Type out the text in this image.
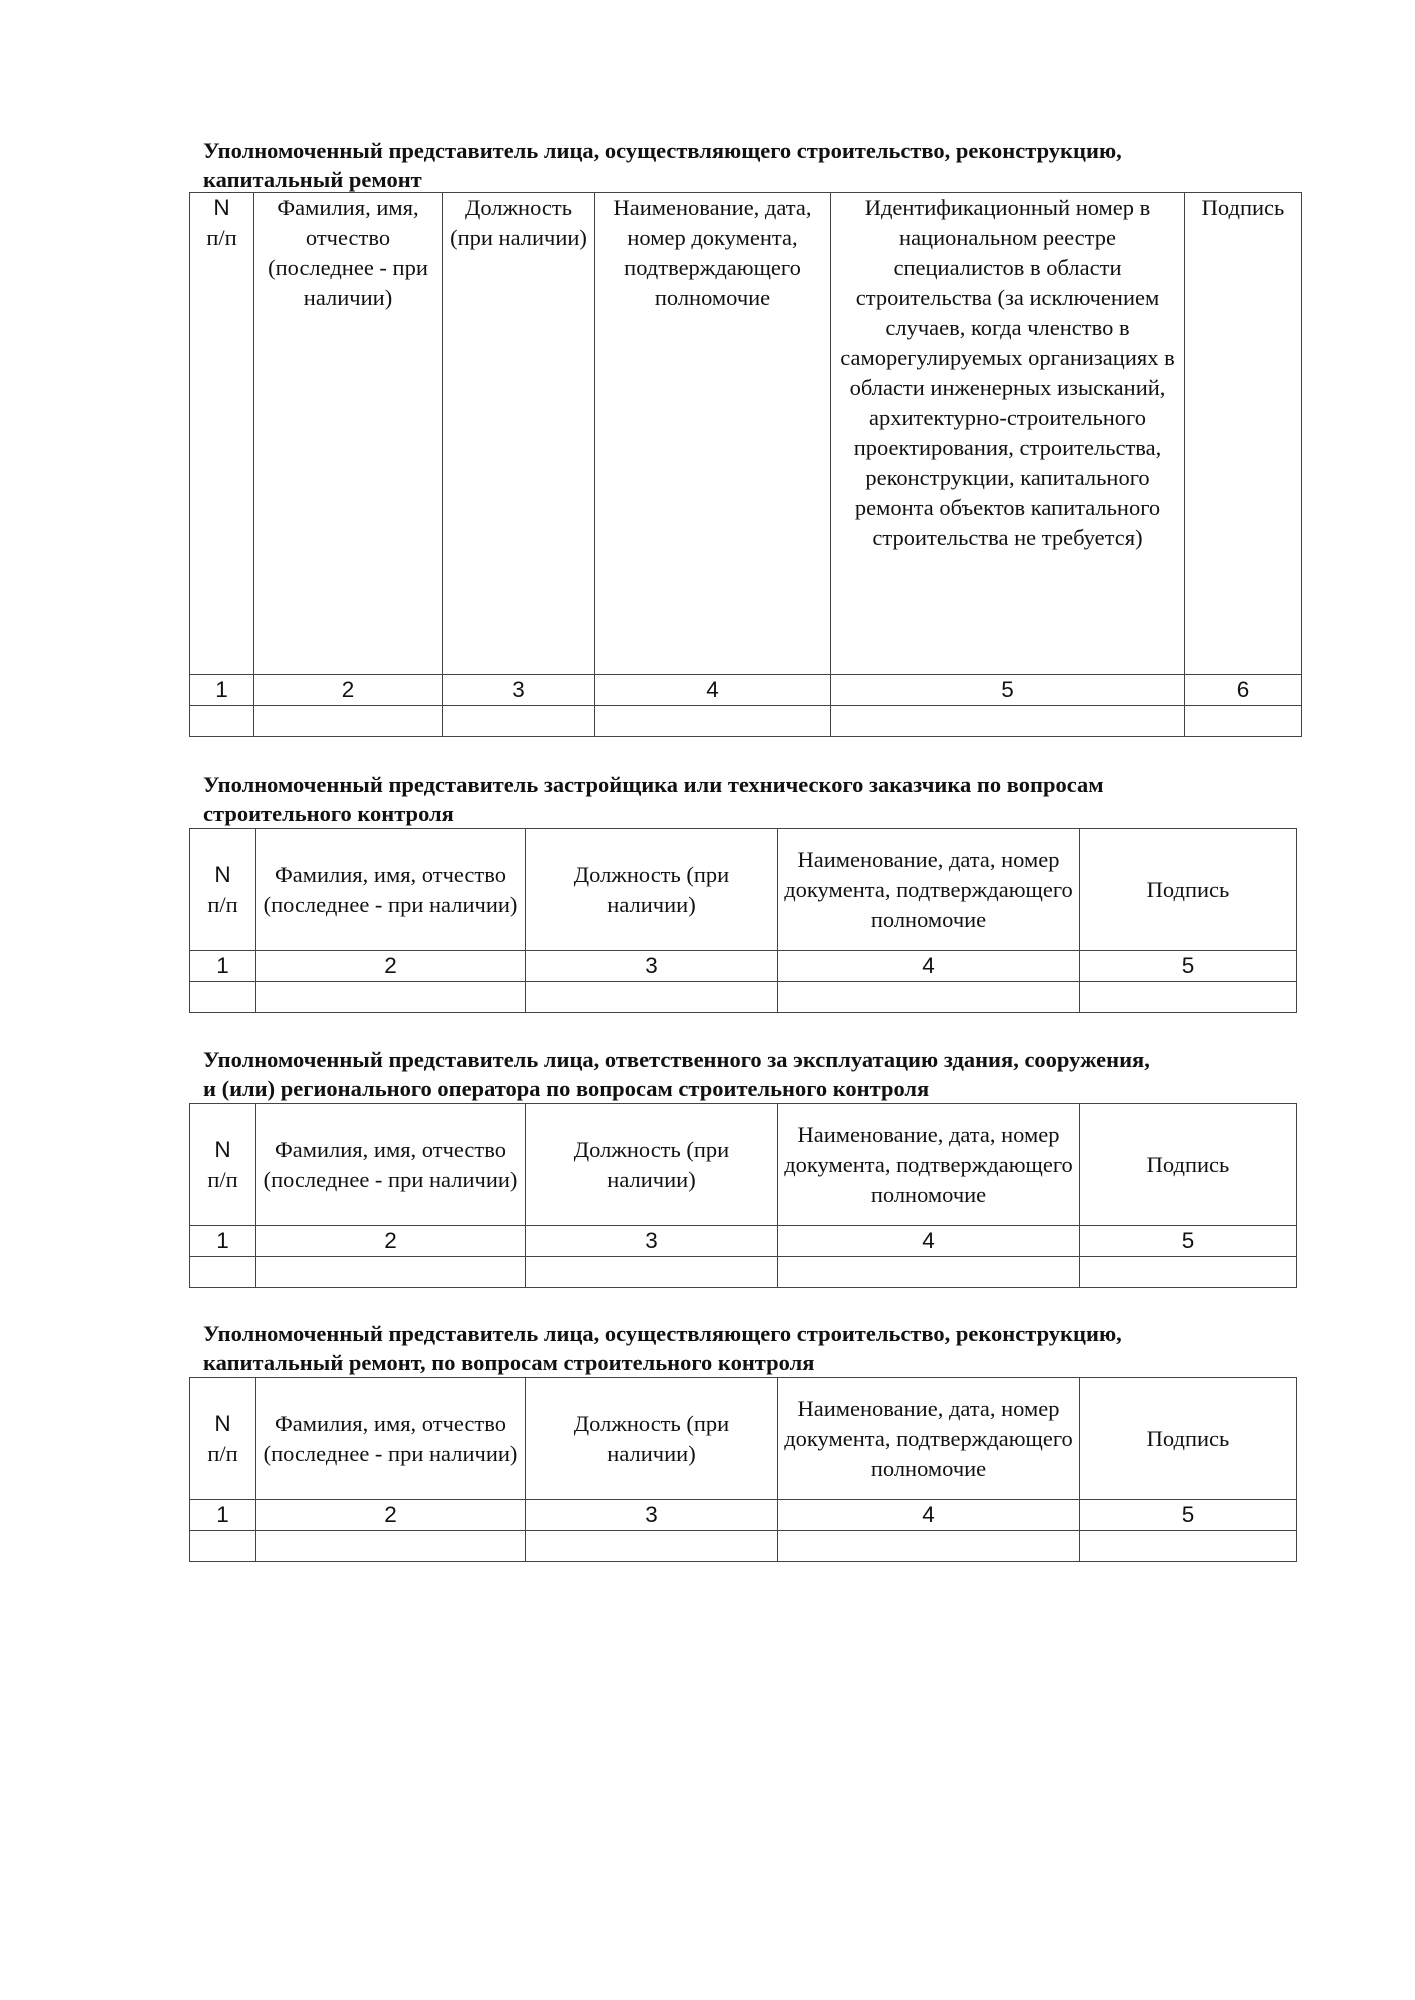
Уполномоченный представитель лица, осуществляющего строительство, реконструкцию,
капитальный ремонт
N
п/п	Фамилия, имя, отчество (последнее - при наличии)	Должность (при наличии)	Наименование, дата, номер документа, подтверждающего полномочие	Идентификационный номер в национальном реестре специалистов в области строительства (за исключением случаев, когда членство в саморегулируемых организациях в области инженерных изысканий, архитектурно-строительного проектирования, строительства, реконструкции, капитального ремонта объектов капитального строительства не требуется)	Подпись
1	2	3	4	5	6

Уполномоченный представитель застройщика или технического заказчика по вопросам
строительного контроля
N
п/п	Фамилия, имя, отчество (последнее - при наличии)	Должность (при наличии)	Наименование, дата, номер документа, подтверждающего полномочие	Подпись
1	2	3	4	5

Уполномоченный представитель лица, ответственного за эксплуатацию здания, сооружения,
и (или) регионального оператора по вопросам строительного контроля
N
п/п	Фамилия, имя, отчество (последнее - при наличии)	Должность (при наличии)	Наименование, дата, номер документа, подтверждающего полномочие	Подпись
1	2	3	4	5

Уполномоченный представитель лица, осуществляющего строительство, реконструкцию,
капитальный ремонт, по вопросам строительного контроля
N
п/п	Фамилия, имя, отчество (последнее - при наличии)	Должность (при наличии)	Наименование, дата, номер документа, подтверждающего полномочие	Подпись
1	2	3	4	5
